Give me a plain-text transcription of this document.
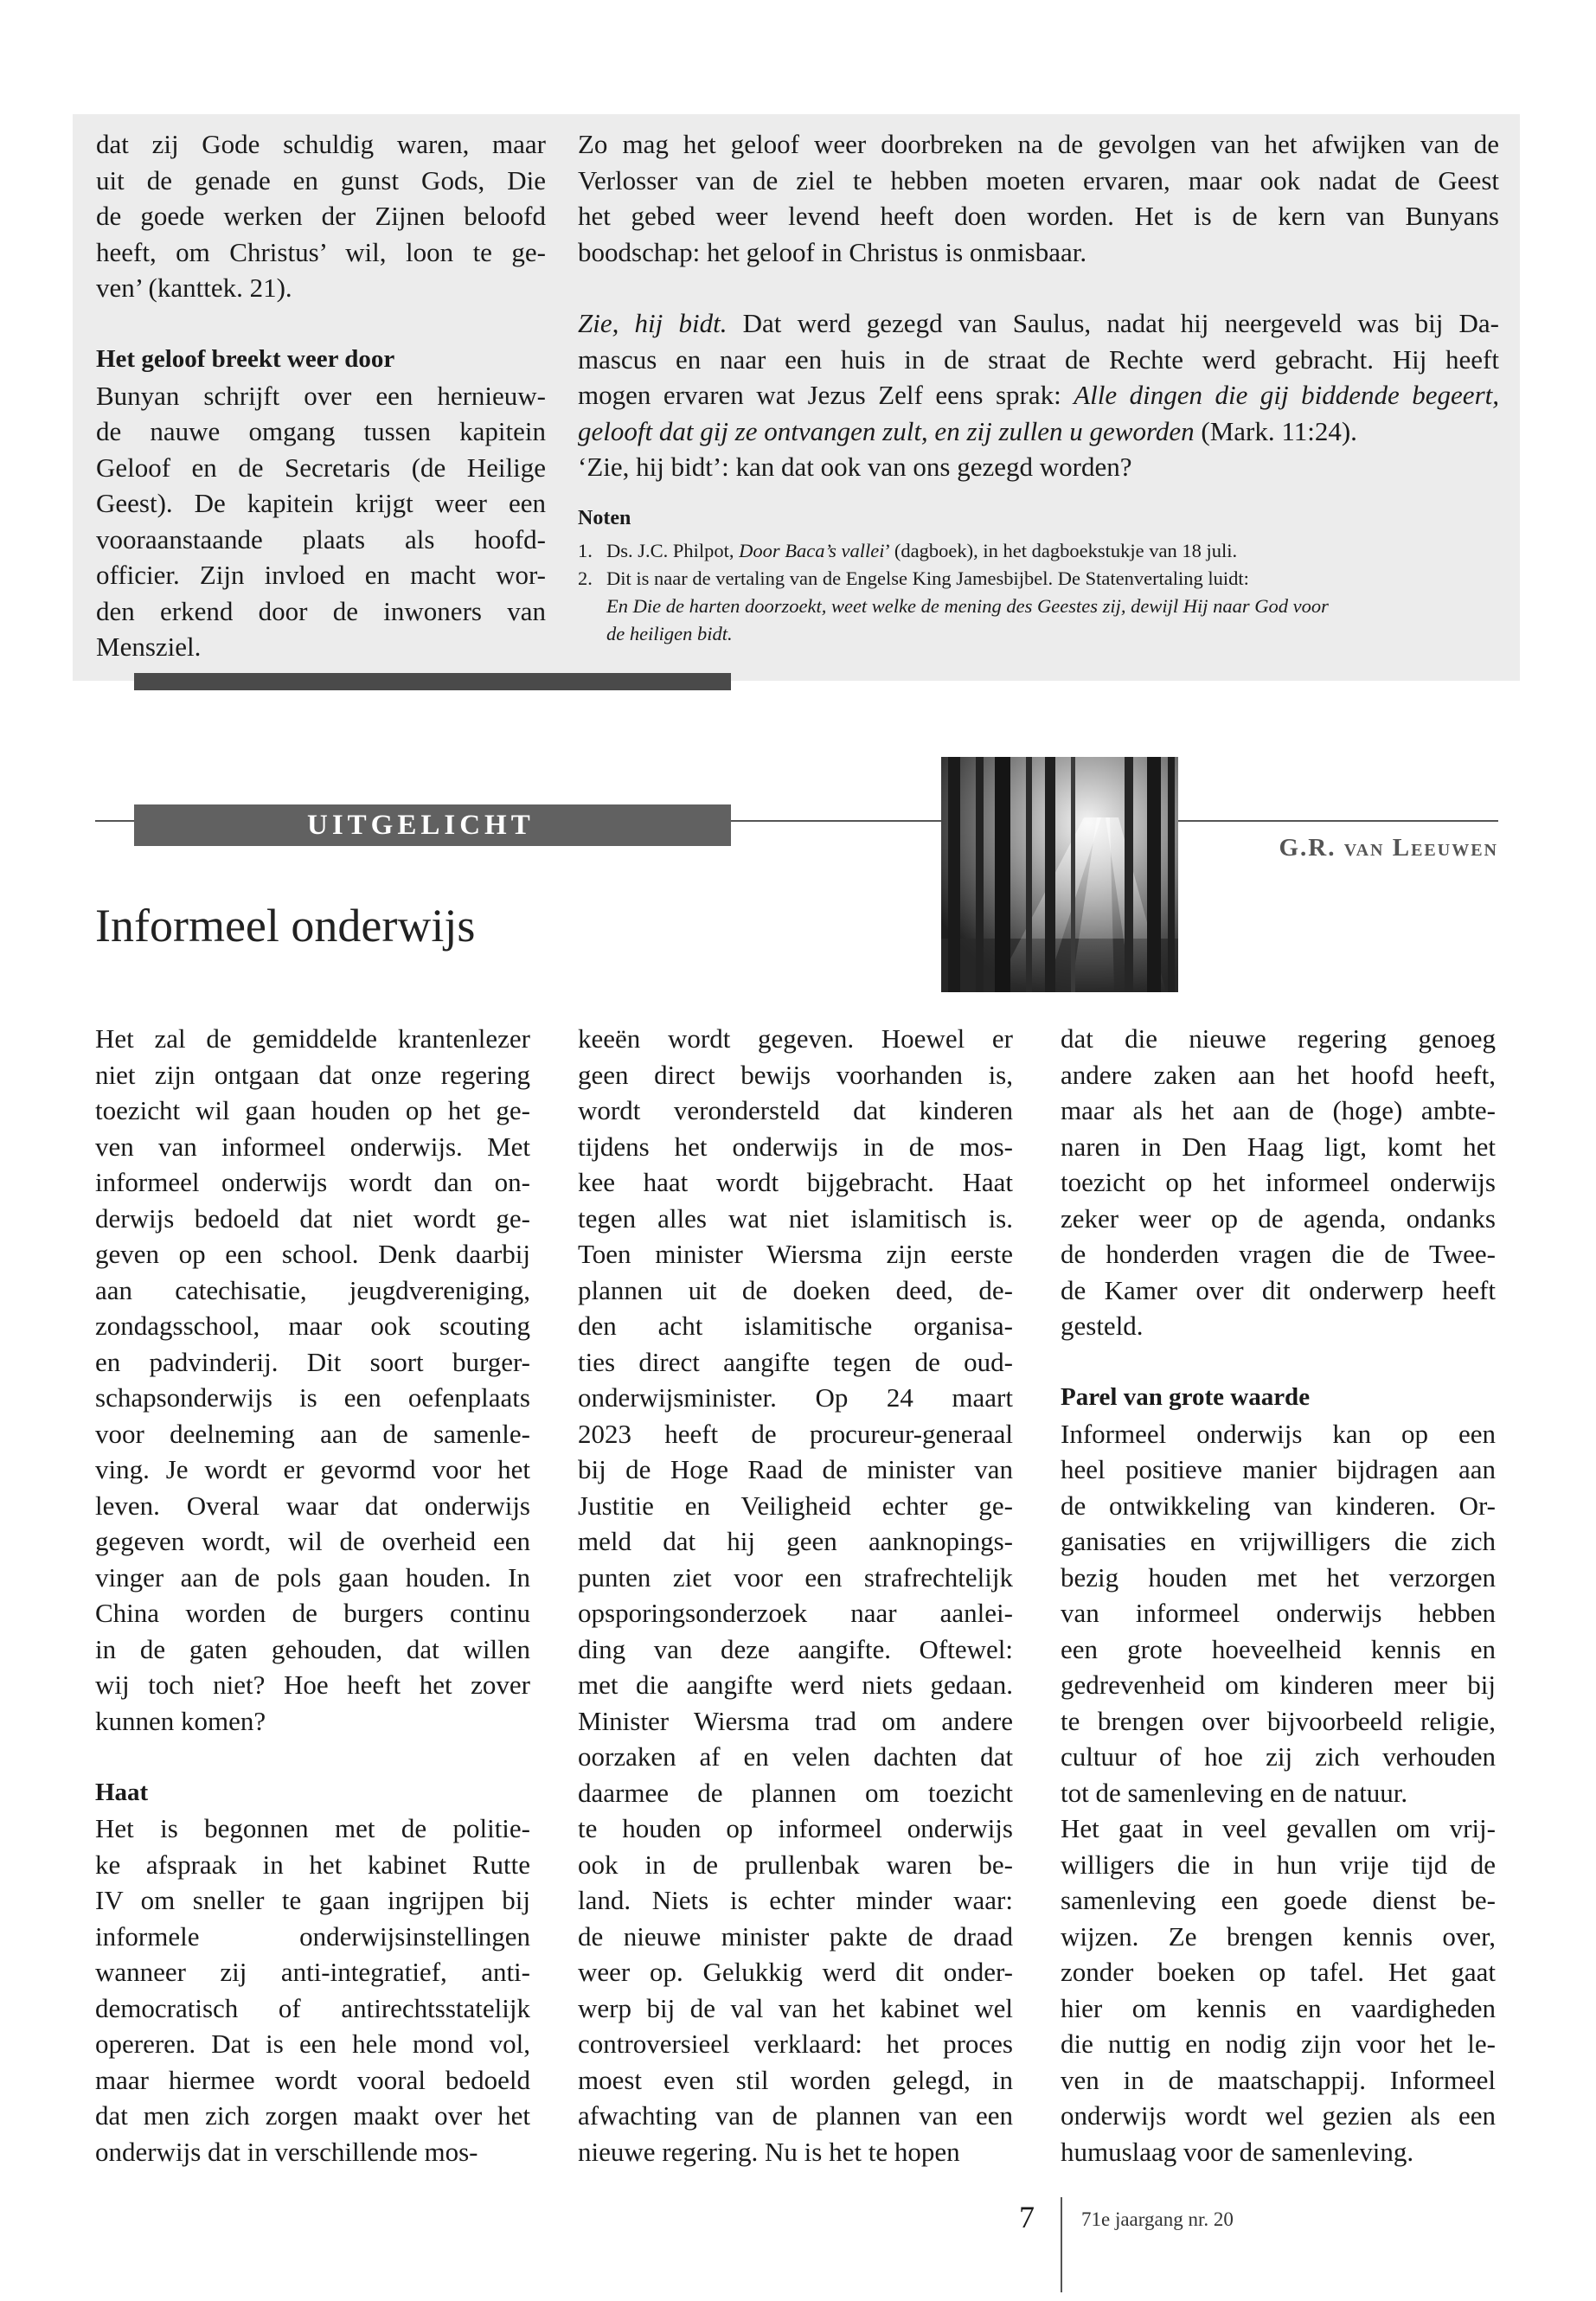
dat zij Gode schuldig waren, maar
uit de genade en gunst Gods, Die
de goede werken der Zijnen beloofd
heeft, om Christus’ wil, loon te ge-
ven’ (kanttek. 21).

Het geloof breekt weer door

Bunyan schrijft over een hernieuw-
de nauwe omgang tussen kapitein
Geloof en de Secretaris (de Heilige
Geest). De kapitein krijgt weer een
vooraanstaande plaats als hoofd-
officier. Zijn invloed en macht wor-
den erkend door de inwoners van
Mensziel.

Zo mag het geloof weer doorbreken na de gevolgen van het afwijken van de
Verlosser van de ziel te hebben moeten ervaren, maar ook nadat de Geest
het gebed weer levend heeft doen worden. Het is de kern van Bunyans
boodschap: het geloof in Christus is onmisbaar.
Zie, hij bidt. Dat werd gezegd van Saulus, nadat hij neergeveld was bij Da-
mascus en naar een huis in de straat de Rechte werd gebracht. Hij heeft
mogen ervaren wat Jezus Zelf eens sprak: Alle dingen die gij biddende begeert,
gelooft dat gij ze ontvangen zult, en zij zullen u geworden (Mark. 11:24).
‘Zie, hij bidt’: kan dat ook van ons gezegd worden?
Noten
1. Ds. J.C. Philpot, Door Baca’s vallei’ (dagboek), in het dagboekstukje van 18 juli.
2. Dit is naar de vertaling van de Engelse King Jamesbijbel. De Statenvertaling luidt:
En Die de harten doorzoekt, weet welke de mening des Geestes zij, dewijl Hij naar God voor
de heiligen bidt.
UITGELICHT
G.R. van Leeuwen
Informeel onderwijs

Het zal de gemiddelde krantenlezer
niet zijn ontgaan dat onze regering
toezicht wil gaan houden op het ge-
ven van informeel onderwijs. Met
informeel onderwijs wordt dan on-
derwijs bedoeld dat niet wordt ge-
geven op een school. Denk daarbij
aan catechisatie, jeugdvereniging,
zondagsschool, maar ook scouting
en padvinderij. Dit soort burger-
schapsonderwijs is een oefenplaats
voor deelneming aan de samenle-
ving. Je wordt er gevormd voor het
leven. Overal waar dat onderwijs
gegeven wordt, wil de overheid een
vinger aan de pols gaan houden. In
China worden de burgers continu
in de gaten gehouden, dat willen
wij toch niet? Hoe heeft het zover
kunnen komen?

Haat

Het is begonnen met de politie-
ke afspraak in het kabinet Rutte
IV om sneller te gaan ingrijpen bij
informele onderwijsinstellingen
wanneer zij anti-integratief, anti-
democratisch of antirechtsstatelijk
opereren. Dat is een hele mond vol,
maar hiermee wordt vooral bedoeld
dat men zich zorgen maakt over het
onderwijs dat in verschillende mos-

keeën wordt gegeven. Hoewel er
geen direct bewijs voorhanden is,
wordt verondersteld dat kinderen
tijdens het onderwijs in de mos-
kee haat wordt bijgebracht. Haat
tegen alles wat niet islamitisch is.
Toen minister Wiersma zijn eerste
plannen uit de doeken deed, de-
den acht islamitische organisa-
ties direct aangifte tegen de oud-
onderwijsminister. Op 24 maart
2023 heeft de procureur-generaal
bij de Hoge Raad de minister van
Justitie en Veiligheid echter ge-
meld dat hij geen aanknopings-
punten ziet voor een strafrechtelijk
opsporingsonderzoek naar aanlei-
ding van deze aangifte. Oftewel:
met die aangifte werd niets gedaan.
Minister Wiersma trad om andere
oorzaken af en velen dachten dat
daarmee de plannen om toezicht
te houden op informeel onderwijs
ook in de prullenbak waren be-
land. Niets is echter minder waar:
de nieuwe minister pakte de draad
weer op. Gelukkig werd dit onder-
werp bij de val van het kabinet wel
controversieel verklaard: het proces
moest even stil worden gelegd, in
afwachting van de plannen van een
nieuwe regering. Nu is het te hopen

dat die nieuwe regering genoeg
andere zaken aan het hoofd heeft,
maar als het aan de (hoge) ambte-
naren in Den Haag ligt, komt het
toezicht op het informeel onderwijs
zeker weer op de agenda, ondanks
de honderden vragen die de Twee-
de Kamer over dit onderwerp heeft
gesteld.

Parel van grote waarde

Informeel onderwijs kan op een
heel positieve manier bijdragen aan
de ontwikkeling van kinderen. Or-
ganisaties en vrijwilligers die zich
bezig houden met het verzorgen
van informeel onderwijs hebben
een grote hoeveelheid kennis en
gedrevenheid om kinderen meer bij
te brengen over bijvoorbeeld religie,
cultuur of hoe zij zich verhouden
tot de samenleving en de natuur.

Het gaat in veel gevallen om vrij-
willigers die in hun vrije tijd de
samenleving een goede dienst be-
wijzen. Ze brengen kennis over,
zonder boeken op tafel. Het gaat
hier om kennis en vaardigheden
die nuttig en nodig zijn voor het le-
ven in de maatschappij. Informeel
onderwijs wordt wel gezien als een
humuslaag voor de samenleving.

7 71e jaargang nr. 20
